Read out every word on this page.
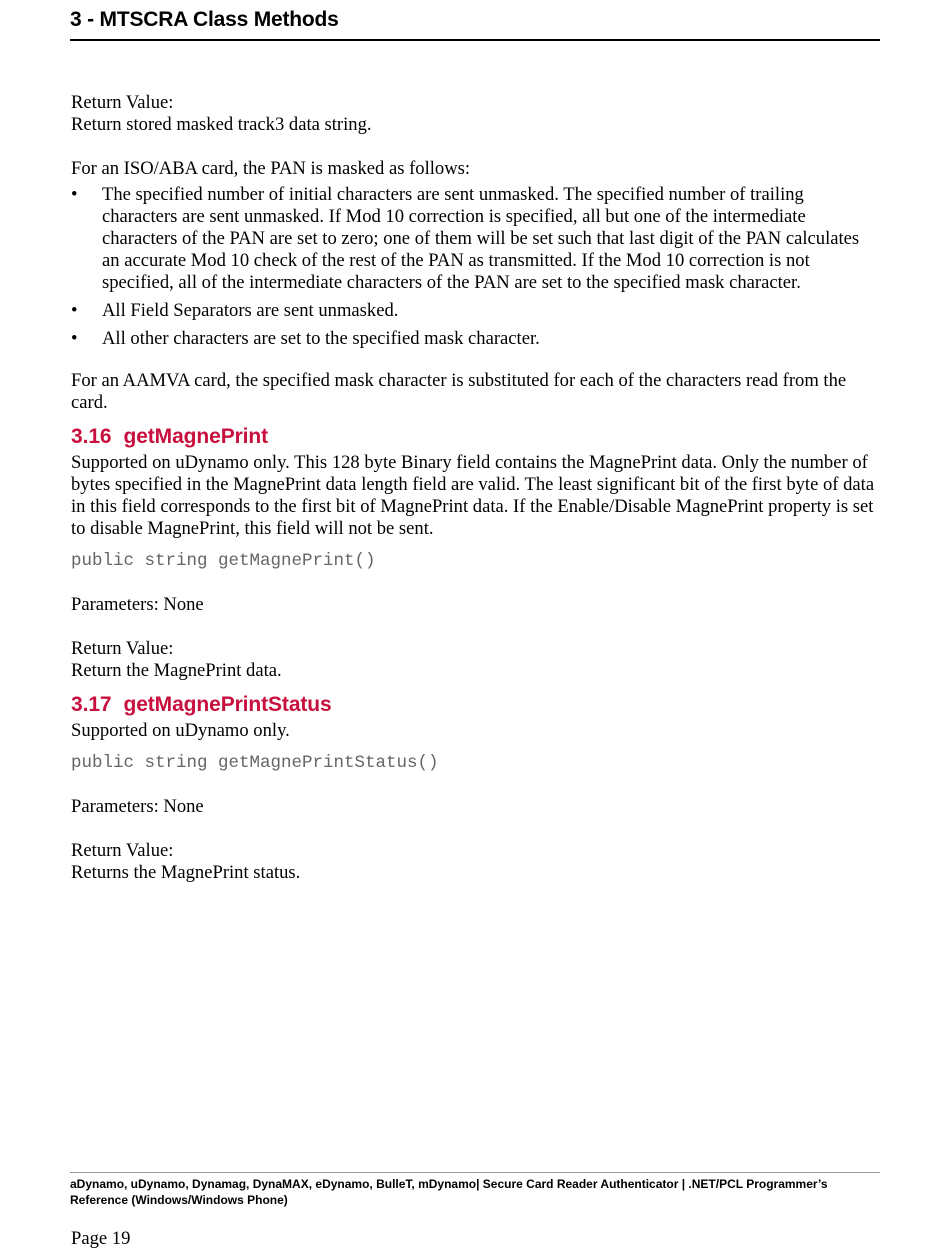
3 - MTSCRA Class Methods

Return Value:

Return stored masked track3 data string.

For an ISO/ABA card, the PAN is masked as follows:

• The specified number of initial characters are sent unmasked. The specified number of trailing characters are sent unmasked. If Mod 10 correction is specified, all but one of the intermediate characters of the PAN are set to zero; one of them will be set such that last digit of the PAN calculates an accurate Mod 10 check of the rest of the PAN as transmitted. If the Mod 10 correction is not specified, all of the intermediate characters of the PAN are set to the specified mask character.
• All Field Separators are sent unmasked.
• All other characters are set to the specified mask character.

For an AAMVA card, the specified mask character is substituted for each of the characters read from the card.

3.16 getMagnePrint

Supported on uDynamo only. This 128 byte Binary field contains the MagnePrint data. Only the number of bytes specified in the MagnePrint data length field are valid. The least significant bit of the first byte of data in this field corresponds to the first bit of MagnePrint data. If the Enable/Disable MagnePrint property is set to disable MagnePrint, this field will not be sent.

public string getMagnePrint()

Parameters: None

Return Value:

Return the MagnePrint data.

3.17 getMagnePrintStatus

Supported on uDynamo only.

public string getMagnePrintStatus()

Parameters: None

Return Value:

Returns the MagnePrint status.

aDynamo, uDynamo, Dynamag, DynaMAX, eDynamo, BulleT, mDynamo| Secure Card Reader Authenticator | .NET/PCL Programmer’s Reference (Windows/Windows Phone)
Page 19
